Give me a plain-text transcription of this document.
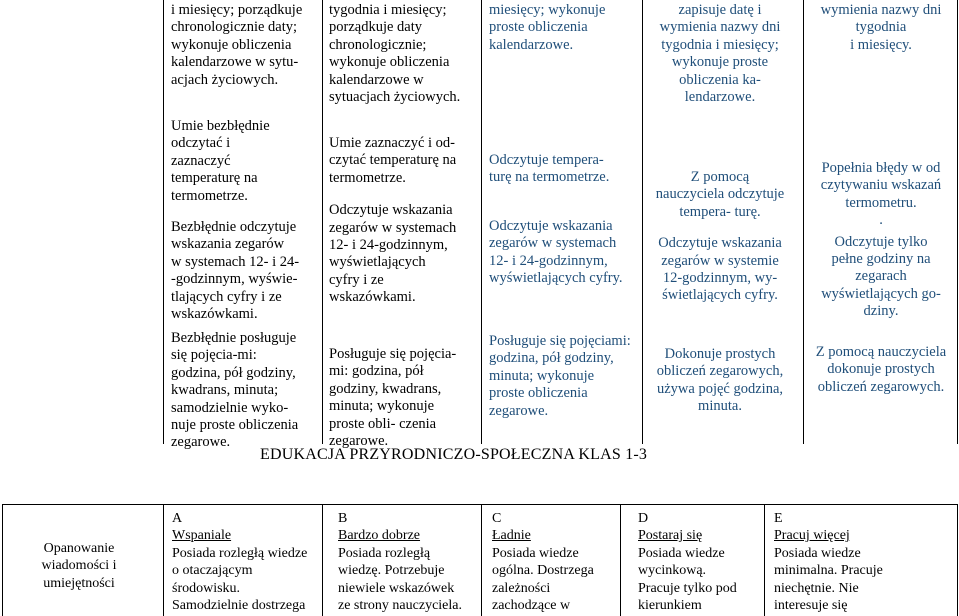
i miesięcy; porządkuje
chronologicznie daty;
wykonuje obliczenia
kalendarzowe w sytu-
acjach życiowych.

tygodnia i miesięcy;
porządkuje daty
chronologicznie;
wykonuje obliczenia
kalendarzowe w
sytuacjach życiowych.

miesięcy; wykonuje
proste obliczenia
kalendarzowe.

zapisuje datę i
wymienia nazwy dni
tygodnia i miesięcy;
wykonuje proste
obliczenia ka-
lendarzowe.

wymienia nazwy dni
tygodnia
i miesięcy.

Umie bezbłędnie
odczytać i
zaznaczyć
temperaturę na
termometrze.

Bezbłędnie odczytuje
wskazania zegarów
w systemach 12- i 24-
-godzinnym, wyświe-
tlających cyfry i ze
wskazówkami.

Umie zaznaczyć i od-
czytać temperaturę na
termometrze.

Odczytuje wskazania
zegarów w systemach
12- i 24-godzinnym,
wyświetlających
cyfry i ze
wskazówkami.

Odczytuje tempera-
turę na termometrze.

Odczytuje wskazania
zegarów w systemach
12- i 24-godzinnym,
wyświetlających cyfry.

Z pomocą
nauczyciela odczytuje
tempera- turę.

Odczytuje wskazania
zegarów w systemie
12-godzinnym, wy-
świetlających cyfry.

Popełnia błędy w od
czytywaniu wskazań
termometru.
.

Odczytuje tylko
pełne godziny na
zegarach
wyświetlających go-
dziny.

Bezbłędnie posługuje
się pojęcia-mi:
godzina, pół godziny,
kwadrans, minuta;
samodzielnie wyko-
nuje proste obliczenia
zegarowe.

Posługuje się pojęcia-
mi: godzina, pół
godziny, kwadrans,
minuta; wykonuje
proste obli- czenia
zegarowe.

Posługuje się pojęciami:
godzina, pół godziny,
minuta; wykonuje
proste obliczenia
zegarowe.

Dokonuje prostych
obliczeń zegarowych,
używa pojęć godzina,
minuta.

Z pomocą nauczyciela
dokonuje prostych
obliczeń zegarowych.

EDUKACJA PRZYRODNICZO-SPOŁECZNA KLAS 1-3
Opanowanie
wiadomości i
umiejętności

A

Wspaniale

Posiada rozległą wiedze
o otaczającym
środowisku.
Samodzielnie dostrzega

B

Bardzo dobrze

Posiada rozległą
wiedzę. Potrzebuje
niewiele wskazówek
ze strony nauczyciela.

C

Ładnie

Posiada wiedze
ogólna. Dostrzega
zależności
zachodzące w

D

Postaraj się

Posiada wiedze
wycinkową.
Pracuje tylko pod
kierunkiem

E

Pracuj więcej

Posiada wiedze
minimalna. Pracuje
niechętnie. Nie
interesuje się
